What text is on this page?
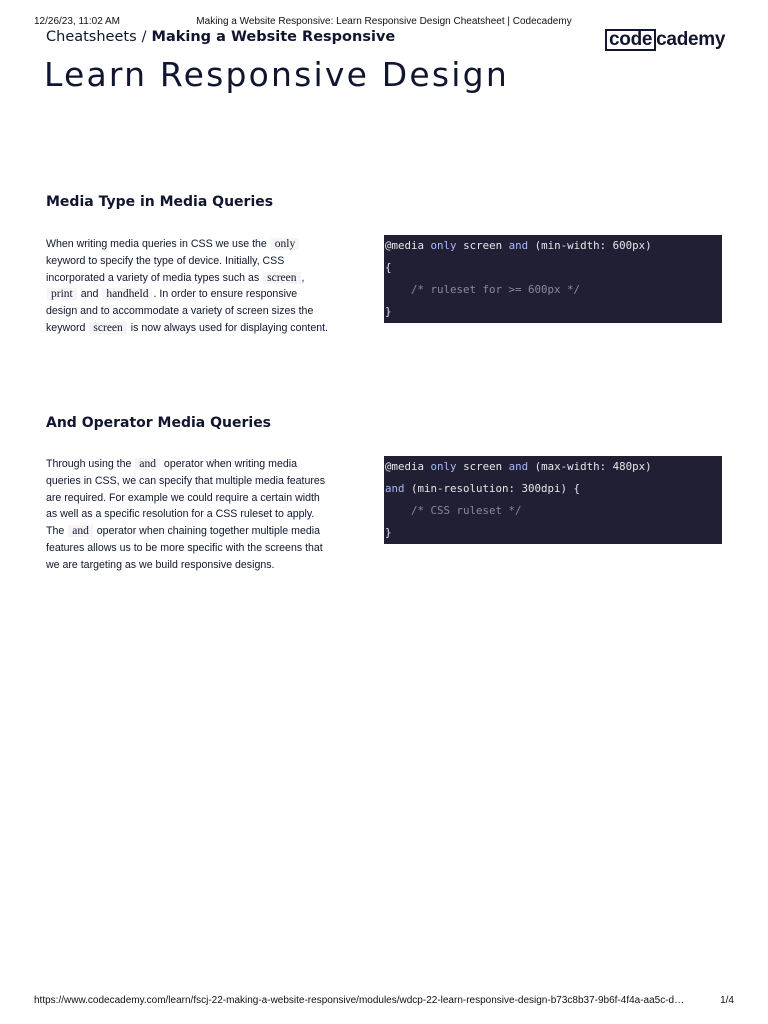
12/26/23, 11:02 AM	Making a Website Responsive: Learn Responsive Design Cheatsheet | Codecademy
Cheatsheets / Making a Website Responsive	code cademy
Learn Responsive Design
Media Type in Media Queries

When writing media queries in CSS we use the only keyword to specify the type of device. Initially, CSS incorporated a variety of media types such as screen , print and handheld . In order to ensure responsive design and to accommodate a variety of screen sizes the keyword screen is now always used for displaying content.

@media only screen and (min-width: 600px)
{
/* ruleset for >= 600px */
}
And Operator Media Queries

Through using the and operator when writing media queries in CSS, we can specify that multiple media features are required. For example we could require a certain width as well as a specific resolution for a CSS ruleset to apply. The and operator when chaining together multiple media features allows us to be more specific with the screens that we are targeting as we build responsive designs.

@media only screen and (max-width: 480px)
and (min-resolution: 300dpi) {
/* CSS ruleset */
}
https://www.codecademy.com/learn/fscj-22-making-a-website-responsive/modules/wdcp-22-learn-responsive-design-b73c8b37-9b6f-4f4a-aa5c-d…	1/4
